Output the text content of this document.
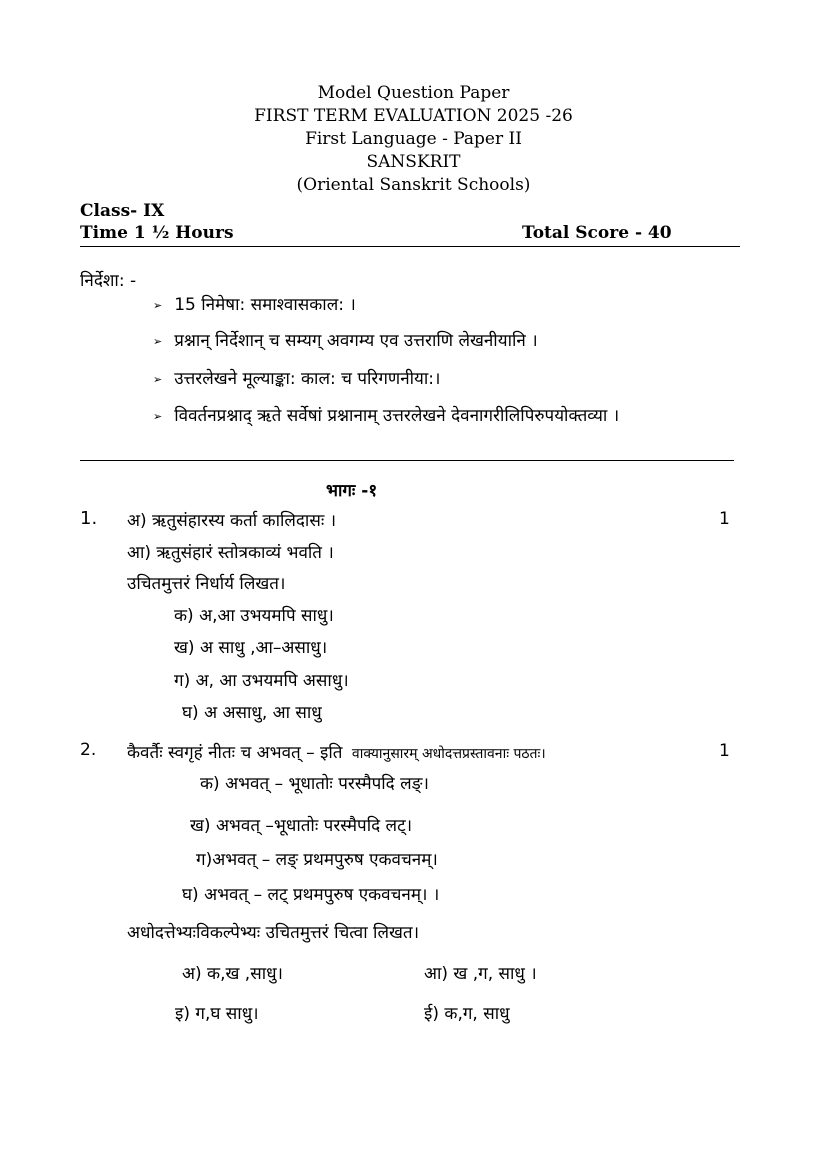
Model Question Paper
FIRST TERM EVALUATION 2025 -26
First Language - Paper II
SANSKRIT
(Oriental Sanskrit Schools)
Class- IX
Time 1 ½ Hours	Total Score - 40
निर्देशा: -
➢ 15 निमेषा: समाश्वासकाल: ।
➢ प्रश्नान् निर्देशान् च सम्यग् अवगम्य एव उत्तराणि लेखनीयानि ।
➢ उत्तरलेखने मूल्याङ्का: काल: च परिगणनीया:।
➢ विवर्तनप्रश्नाद् ऋते सर्वेषां प्रश्नानाम् उत्तरलेखने देवनागरीलिपिरुपयोक्तव्या ।
भागः -१
1. अ) ऋतुसंहारस्य कर्ता कालिदासः ।	1
आ) ऋतुसंहारं स्तोत्रकाव्यं भवति ।
उचितमुत्तरं निर्धार्य लिखत।
क) अ,आ उभयमपि साधु।
ख) अ साधु ,आ–असाधु।
ग) अ, आ उभयमपि असाधु।
घ) अ असाधु, आ साधु
2. कैवर्तैः स्वगृहं नीतः च अभवत् – इति वाक्यानुसारम् अधोदत्तप्रस्तावनाः पठतः।	1
क) अभवत् – भूधातोः परस्मैपदि लङ्।
ख) अभवत् –भूधातोः परस्मैपदि लट्।
ग)अभवत् – लङ् प्रथमपुरुष एकवचनम्।
घ) अभवत् – लट् प्रथमपुरुष एकवचनम्। ।
अधोदत्तेभ्यःविकल्पेभ्यः उचितमुत्तरं चित्वा लिखत।
अ) क,ख ,साधु।	आ) ख ,ग, साधु ।
इ) ग,घ साधु।	ई) क,ग, साधु
